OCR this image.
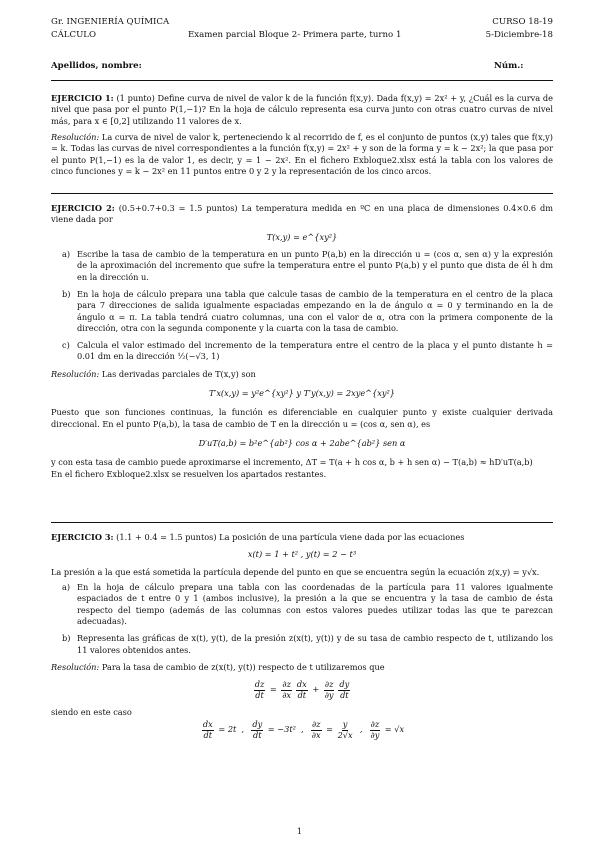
Gr. INGENIERÍA QUÍMICA
CÁLCULO	Examen parcial Bloque 2- Primera parte, turno 1
CURSO 18-19
5-Diciembre-18
Apellidos, nombre:	Núm.:

EJERCICIO 1: (1 punto) Define curva de nivel de valor k de la función f(x,y). Dada f(x,y) = 2x² + y, ¿Cuál es la curva de nivel que pasa por el punto P(1,−1)? En la hoja de cálculo representa esa curva junto con otras cuatro curvas de nivel más, para x ∈ [0,2] utilizando 11 valores de x.

Resolución: La curva de nivel de valor k, perteneciendo k al recorrido de f, es el conjunto de puntos (x,y) tales que f(x,y) = k. Todas las curvas de nivel correspondientes a la función f(x,y) = 2x² + y son de la forma y = k − 2x²; la que pasa por el punto P(1,−1) es la de valor 1, es decir, y = 1 − 2x². En el fichero Exbloque2.xlsx está la tabla con los valores de cinco funciones y = k − 2x² en 11 puntos entre 0 y 2 y la representación de los cinco arcos.

EJERCICIO 2: (0.5+0.7+0.3 = 1.5 puntos) La temperatura medida en ºC en una placa de dimensiones 0.4×0.6 dm viene dada por

T(x,y) = e^{xy²}
a) Escribe la tasa de cambio de la temperatura en un punto P(a,b) en la dirección u = (cos α, sen α) y la expresión de la aproximación del incremento que sufre la temperatura entre el punto P(a,b) y el punto que dista de él h dm en la dirección u.
b) En la hoja de cálculo prepara una tabla que calcule tasas de cambio de la temperatura en el centro de la placa para 7 direcciones de salida igualmente espaciadas empezando en la de ángulo α = 0 y terminando en la de ángulo α = π. La tabla tendrá cuatro columnas, una con el valor de α, otra con la primera componente de la dirección, otra con la segunda componente y la cuarta con la tasa de cambio.
c) Calcula el valor estimado del incremento de la temperatura entre el centro de la placa y el punto distante h = 0.01 dm en la dirección ½(−√3, 1)

Resolución: Las derivadas parciales de T(x,y) son

T′x(x,y) = y²e^{xy²} y T′y(x,y) = 2xye^{xy²}

Puesto que son funciones continuas, la función es diferenciable en cualquier punto y existe cualquier derivada direccional. En el punto P(a,b), la tasa de cambio de T en la dirección u = (cos α, sen α), es

D′uT(a,b) = b²e^{ab²} cos α + 2abe^{ab²} sen α

y con esta tasa de cambio puede aproximarse el incremento, ΔT = T(a + h cos α, b + h sen α) − T(a,b) ≈ hD′uT(a,b)

En el fichero Exbloque2.xlsx se resuelven los apartados restantes.

EJERCICIO 3: (1.1 + 0.4 = 1.5 puntos) La posición de una partícula viene dada por las ecuaciones

x(t) = 1 + t² , y(t) = 2 − t³

La presión a la que está sometida la partícula depende del punto en que se encuentra según la ecuación z(x,y) = y√x.

a) En la hoja de cálculo prepara una tabla con las coordenadas de la partícula para 11 valores igualmente espaciados de t entre 0 y 1 (ambos inclusive), la presión a la que se encuentra y la tasa de cambio de ésta respecto del tiempo (además de las columnas con estos valores puedes utilizar todas las que te parezcan adecuadas).
b) Representa las gráficas de x(t), y(t), de la presión z(x(t), y(t)) y de su tasa de cambio respecto de t, utilizando los 11 valores obtenidos antes.

Resolución: Para la tasa de cambio de z(x(t), y(t)) respecto de t utilizaremos que

$\frac{dz}{dt} = \frac{\partial z}{\partial x} \frac{dx}{dt} + \frac{\partial z}{\partial y} \frac{dy}{dt}$

siendo en este caso

$\frac{dx}{dt} = 2t$  , $\frac{dy}{dt} = -3t^2$  , $\frac{\partial z}{\partial x} = \frac{y}{2√x}$ , $\frac{\partial z}{\partial y} = √x$
1
